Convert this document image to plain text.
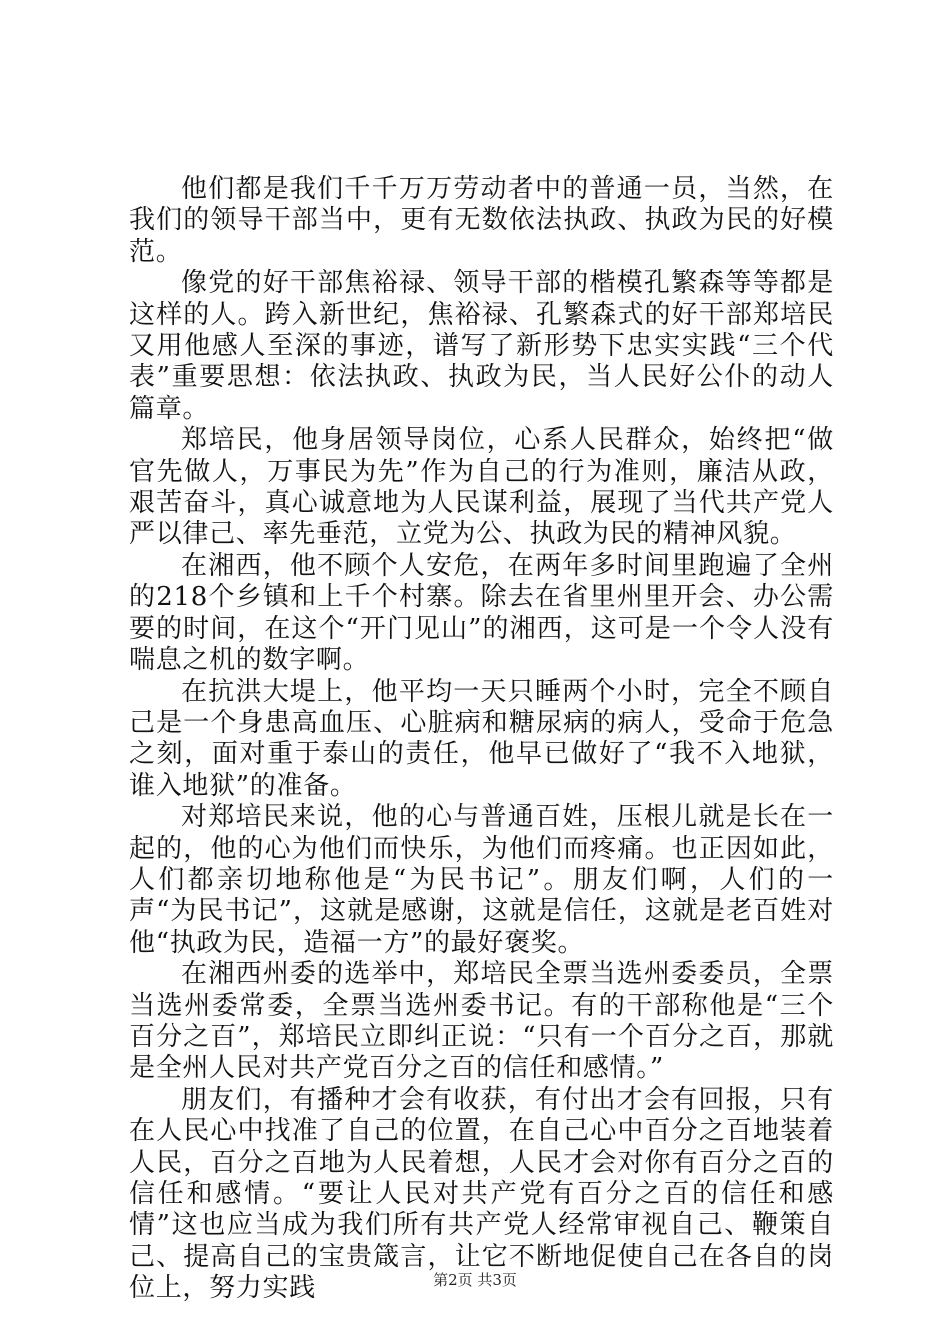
他们都是我们千千万万劳动者中的普通一员，当然，在我们的领导干部当中，更有无数依法执政、执政为民的好模范。

像党的好干部焦裕禄、领导干部的楷模孔繁森等等都是这样的人。跨入新世纪，焦裕禄、孔繁森式的好干部郑培民又用他感人至深的事迹，谱写了新形势下忠实实践“三个代表”重要思想：依法执政、执政为民，当人民好公仆的动人篇章。

郑培民，他身居领导岗位，心系人民群众，始终把“做官先做人，万事民为先”作为自己的行为准则，廉洁从政，艰苦奋斗，真心诚意地为人民谋利益，展现了当代共产党人严以律己、率先垂范，立党为公、执政为民的精神风貌。

在湘西，他不顾个人安危，在两年多时间里跑遍了全州的218个乡镇和上千个村寨。除去在省里州里开会、办公需要的时间，在这个“开门见山”的湘西，这可是一个令人没有喘息之机的数字啊。

在抗洪大堤上，他平均一天只睡两个小时，完全不顾自己是一个身患高血压、心脏病和糖尿病的病人，受命于危急之刻，面对重于泰山的责任，他早已做好了“我不入地狱，谁入地狱”的准备。

对郑培民来说，他的心与普通百姓，压根儿就是长在一起的，他的心为他们而快乐，为他们而疼痛。也正因如此，人们都亲切地称他是“为民书记”。朋友们啊，人们的一声“为民书记”，这就是感谢，这就是信任，这就是老百姓对他“执政为民，造福一方”的最好褒奖。

在湘西州委的选举中，郑培民全票当选州委委员，全票当选州委常委，全票当选州委书记。有的干部称他是“三个百分之百”，郑培民立即纠正说：“只有一个百分之百，那就是全州人民对共产党百分之百的信任和感情。”

朋友们，有播种才会有收获，有付出才会有回报，只有在人民心中找准了自己的位置，在自己心中百分之百地装着人民，百分之百地为人民着想，人民才会对你有百分之百的信任和感情。“要让人民对共产党有百分之百的信任和感情”这也应当成为我们所有共产党人经常审视自己、鞭策自己、提高自己的宝贵箴言，让它不断地促使自己在各自的岗位上，努力实践	第2页 共3页
